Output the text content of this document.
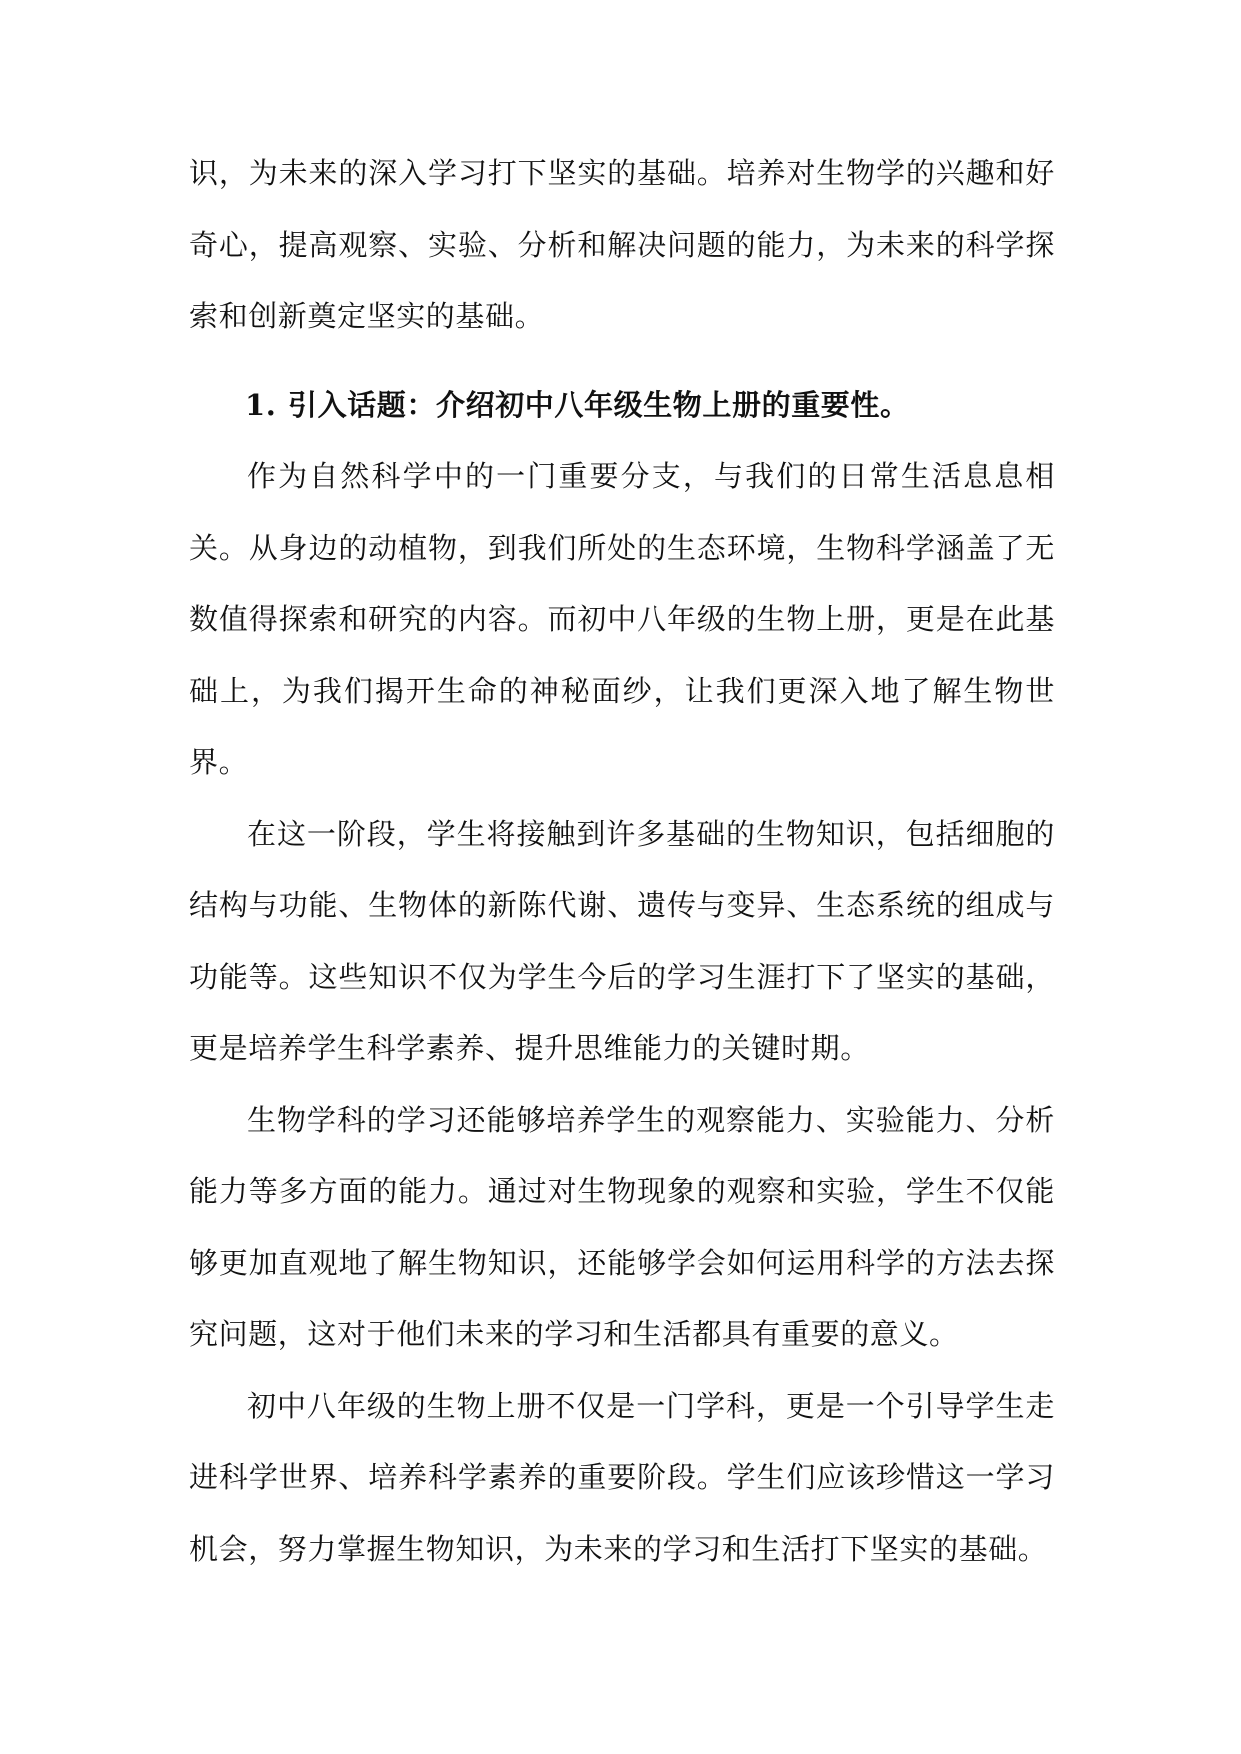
识，为未来的深入学习打下坚实的基础。培养对生物学的兴趣和好奇心，提高观察、实验、分析和解决问题的能力，为未来的科学探索和创新奠定坚实的基础。

1. 引入话题：介绍初中八年级生物上册的重要性。

作为自然科学中的一门重要分支，与我们的日常生活息息相关。从身边的动植物，到我们所处的生态环境，生物科学涵盖了无数值得探索和研究的内容。而初中八年级的生物上册，更是在此基础上，为我们揭开生命的神秘面纱，让我们更深入地了解生物世界。

在这一阶段，学生将接触到许多基础的生物知识，包括细胞的结构与功能、生物体的新陈代谢、遗传与变异、生态系统的组成与功能等。这些知识不仅为学生今后的学习生涯打下了坚实的基础，更是培养学生科学素养、提升思维能力的关键时期。

生物学科的学习还能够培养学生的观察能力、实验能力、分析能力等多方面的能力。通过对生物现象的观察和实验，学生不仅能够更加直观地了解生物知识，还能够学会如何运用科学的方法去探究问题，这对于他们未来的学习和生活都具有重要的意义。

初中八年级的生物上册不仅是一门学科，更是一个引导学生走进科学世界、培养科学素养的重要阶段。学生们应该珍惜这一学习机会，努力掌握生物知识，为未来的学习和生活打下坚实的基础。
